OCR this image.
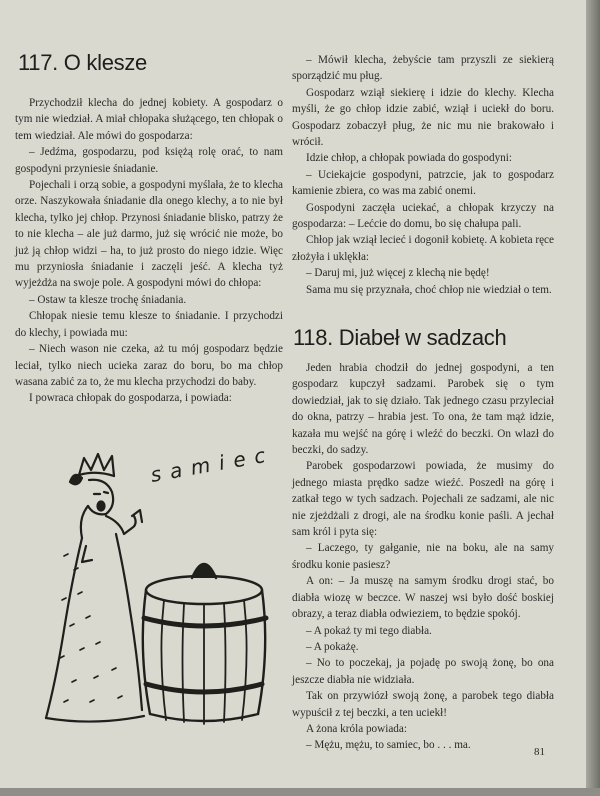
117. O klesze

Przychodził klecha do jednej kobiety. A gospodarz o tym nie wiedział. A miał chłopaka służącego, ten chłopak o tem wiedział. Ale mówi do gospodarza:

– Jedźma, gospodarzu, pod księżą rolę orać, to nam gospodyni przyniesie śniadanie.

Pojechali i orzą sobie, a gospodyni myślała, że to klecha orze. Naszykowała śniadanie dla onego klechy, a to nie był klecha, tylko jej chłop. Przynosi śniadanie blisko, patrzy że to nie klecha – ale już darmo, już się wrócić nie może, bo już ją chłop widzi – ha, to już prosto do niego idzie. Więc mu przyniosła śniadanie i zaczęli jeść. A klecha tyż wyjeżdża na swoje pole. A gospodyni mówi do chłopa:

– Ostaw ta klesze trochę śniadania.

Chłopak niesie temu klesze to śniadanie. I przychodzi do klechy, i powiada mu:

– Niech wason nie czeka, aż tu mój gospodarz będzie leciał, tylko niech ucieka zaraz do boru, bo ma chłop wasana zabić za to, że mu klecha przychodzi do baby.

I powraca chłopak do gospodarza, i powiada:

– Mówił klecha, żebyście tam przyszli ze siekierą sporządzić mu pług.

Gospodarz wziął siekierę i idzie do klechy. Klecha myśli, że go chłop idzie zabić, wziął i uciekł do boru. Gospodarz zobaczył pług, że nic mu nie brakowało i wrócił.

Idzie chłop, a chłopak powiada do gospodyni:

– Uciekajcie gospodyni, patrzcie, jak to gospodarz kamienie zbiera, co was ma zabić onemi.

Gospodyni zaczęła uciekać, a chłopak krzyczy na gospodarza: – Lećcie do domu, bo się chałupa pali.

Chłop jak wziął lecieć i dogonił kobietę. A kobieta ręce złożyła i uklękła:

– Daruj mi, już więcej z klechą nie będę!

Sama mu się przyznała, choć chłop nie wiedział o tem.

118. Diabeł w sadzach

Jeden hrabia chodził do jednej gospodyni, a ten gospodarz kupczył sadzami. Parobek się o tym dowiedział, jak to się działo. Tak jednego czasu przyleciał do okna, patrzy – hrabia jest. To ona, że tam mąż idzie, kazała mu wejść na górę i wleźć do beczki. On wlazł do beczki, do sadzy.

Parobek gospodarzowi powiada, że musimy do jednego miasta prędko sadze wieźć. Poszedł na górę i zatkał tego w tych sadzach. Pojechali ze sadzami, ale nic nie zjeżdżali z drogi, ale na środku konie paśli. A jechał sam król i pyta się:

– Laczego, ty gałganie, nie na boku, ale na samy środku konie pasiesz?

A on: – Ja muszę na samym środku drogi stać, bo diabła wiozę w beczce. W naszej wsi było dość boskiej obrazy, a teraz diabła odwieziem, to będzie spokój.

– A pokaż ty mi tego diabła.

– A pokażę.

– No to poczekaj, ja pojadę po swoją żonę, bo ona jeszcze diabła nie widziała.

Tak on przywiózł swoją żonę, a parobek tego diabła wypuścił z tej beczki, a ten uciekł!

A żona króla powiada:

– Mężu, mężu, to samiec, bo . . . ma.

samiec
81
